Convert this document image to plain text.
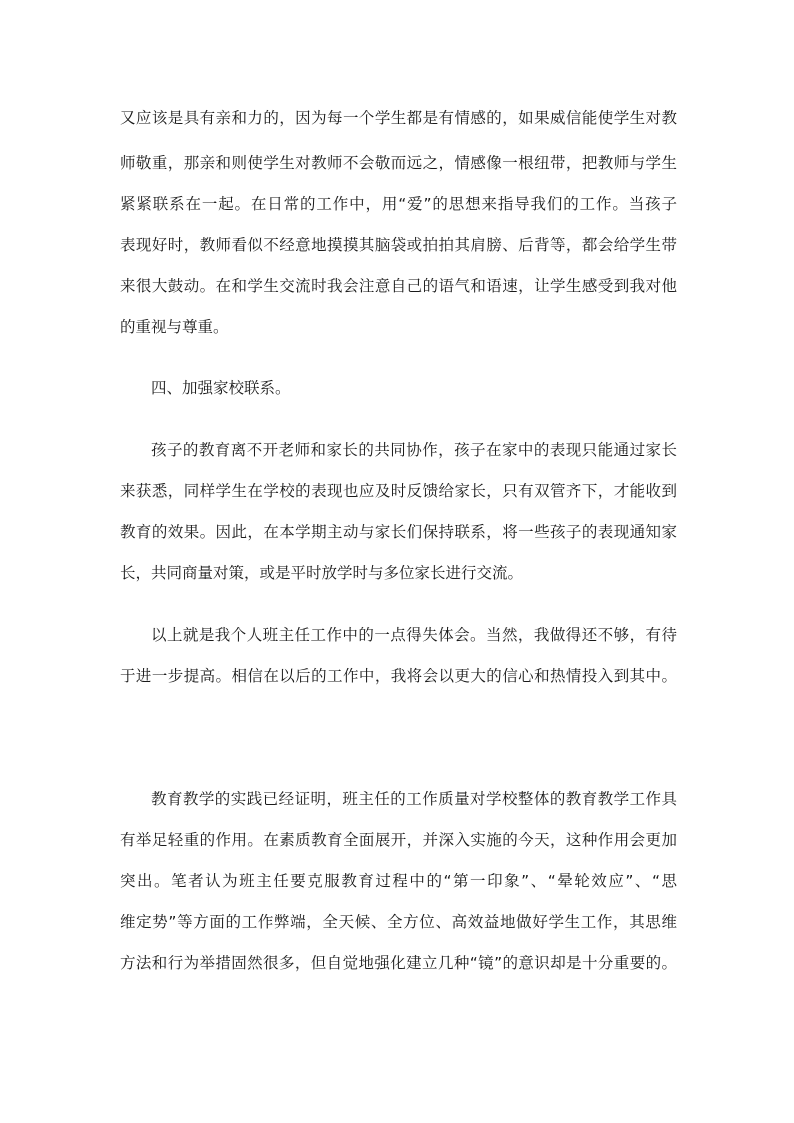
又应该是具有亲和力的，因为每一个学生都是有情感的，如果威信能使学生对教
师敬重，那亲和则使学生对教师不会敬而远之，情感像一根纽带，把教师与学生
紧紧联系在一起。在日常的工作中，用“爱”的思想来指导我们的工作。当孩子
表现好时，教师看似不经意地摸摸其脑袋或拍拍其肩膀、后背等，都会给学生带
来很大鼓动。在和学生交流时我会注意自己的语气和语速，让学生感受到我对他
的重视与尊重。
四、加强家校联系。
孩子的教育离不开老师和家长的共同协作，孩子在家中的表现只能通过家长
来获悉，同样学生在学校的表现也应及时反馈给家长，只有双管齐下，才能收到
教育的效果。因此，在本学期主动与家长们保持联系，将一些孩子的表现通知家
长，共同商量对策，或是平时放学时与多位家长进行交流。
以上就是我个人班主任工作中的一点得失体会。当然，我做得还不够，有待
于进一步提高。相信在以后的工作中，我将会以更大的信心和热情投入到其中。
教育教学的实践已经证明，班主任的工作质量对学校整体的教育教学工作具
有举足轻重的作用。在素质教育全面展开，并深入实施的今天，这种作用会更加
突出。笔者认为班主任要克服教育过程中的“第一印象”、“晕轮效应”、“思
维定势”等方面的工作弊端，全天候、全方位、高效益地做好学生工作，其思维
方法和行为举措固然很多，但自觉地强化建立几种“镜”的意识却是十分重要的。
